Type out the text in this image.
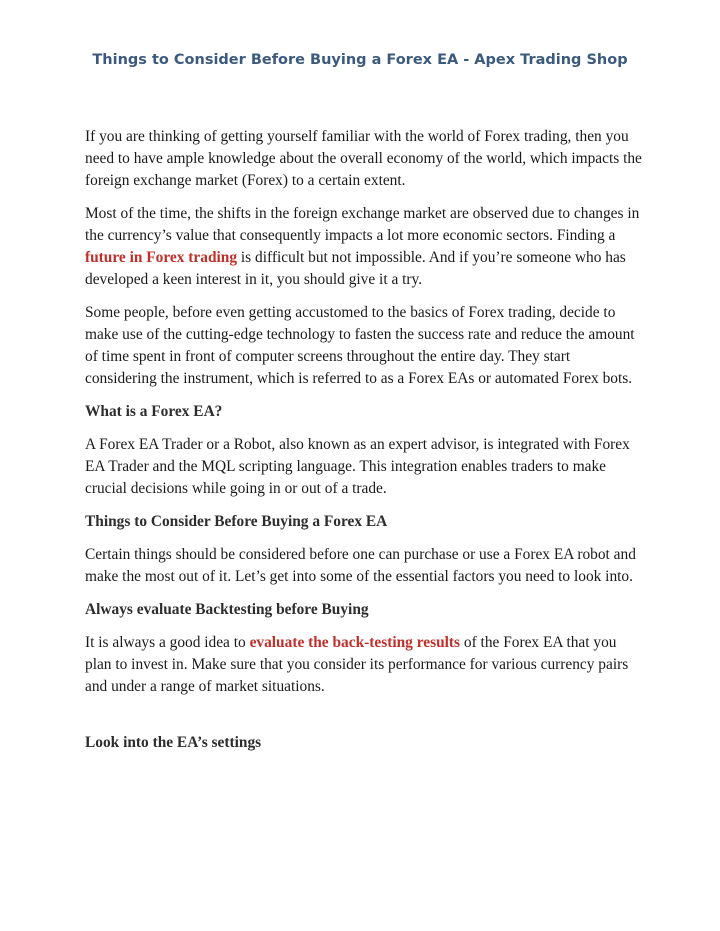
Things to Consider Before Buying a Forex EA - Apex Trading Shop

If you are thinking of getting yourself familiar with the world of Forex trading, then you need to have ample knowledge about the overall economy of the world, which impacts the foreign exchange market (Forex) to a certain extent.

Most of the time, the shifts in the foreign exchange market are observed due to changes in the currency’s value that consequently impacts a lot more economic sectors. Finding a future in Forex trading is difficult but not impossible. And if you’re someone who has developed a keen interest in it, you should give it a try.

Some people, before even getting accustomed to the basics of Forex trading, decide to make use of the cutting-edge technology to fasten the success rate and reduce the amount of time spent in front of computer screens throughout the entire day. They start considering the instrument, which is referred to as a Forex EAs or automated Forex bots.

What is a Forex EA?

A Forex EA Trader or a Robot, also known as an expert advisor, is integrated with Forex EA Trader and the MQL scripting language. This integration enables traders to make crucial decisions while going in or out of a trade.

Things to Consider Before Buying a Forex EA

Certain things should be considered before one can purchase or use a Forex EA robot and make the most out of it. Let’s get into some of the essential factors you need to look into.

Always evaluate Backtesting before Buying

It is always a good idea to evaluate the back-testing results of the Forex EA that you plan to invest in. Make sure that you consider its performance for various currency pairs and under a range of market situations.

Look into the EA’s settings
